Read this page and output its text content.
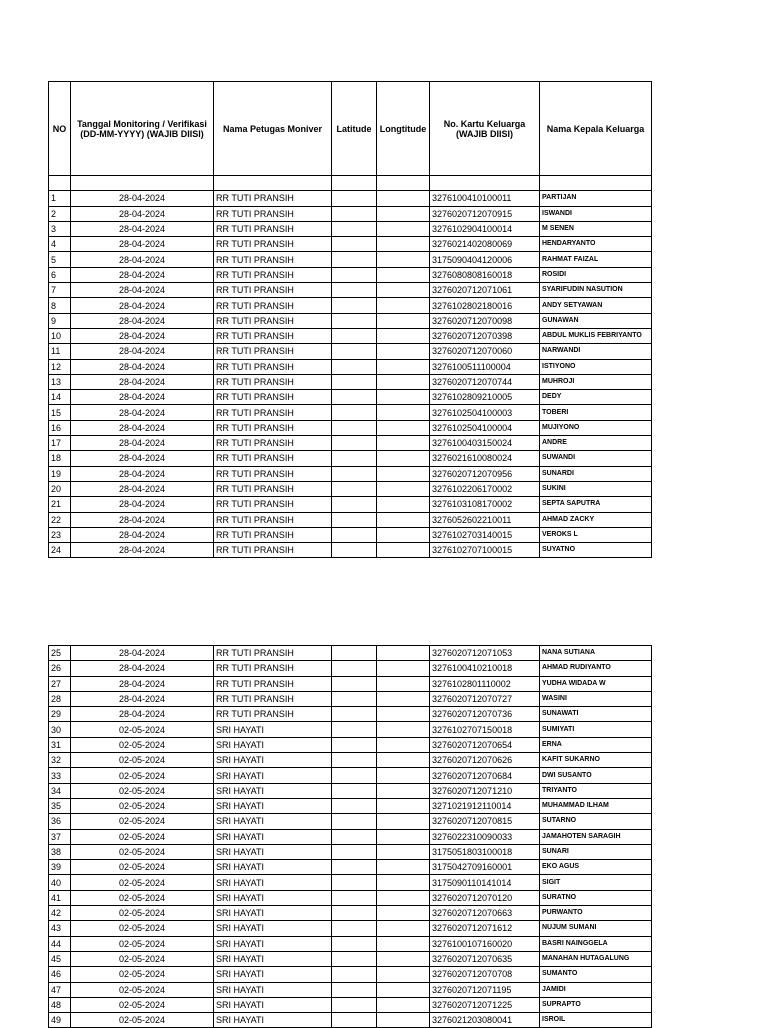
NO	Tanggal Monitoring / Verifikasi (DD-MM-YYYY) (WAJIB DIISI)	Nama Petugas Moniver	Latitude	Longtitude	No. Kartu Keluarga (WAJIB DIISI)	Nama Kepala Keluarga

1	28-04-2024	RR TUTI PRANSIH			3276100410100011	PARTIJAN
2	28-04-2024	RR TUTI PRANSIH			3276020712070915	ISWANDI
3	28-04-2024	RR TUTI PRANSIH			3276102904100014	M SENEN
4	28-04-2024	RR TUTI PRANSIH			3276021402080069	HENDARYANTO
5	28-04-2024	RR TUTI PRANSIH			3175090404120006	RAHMAT FAIZAL
6	28-04-2024	RR TUTI PRANSIH			3276080808160018	ROSIDI
7	28-04-2024	RR TUTI PRANSIH			3276020712071061	SYARIFUDIN NASUTION
8	28-04-2024	RR TUTI PRANSIH			3276102802180016	ANDY SETYAWAN
9	28-04-2024	RR TUTI PRANSIH			3276020712070098	GUNAWAN
10	28-04-2024	RR TUTI PRANSIH			3276020712070398	ABDUL MUKLIS FEBRIYANTO
11	28-04-2024	RR TUTI PRANSIH			3276020712070060	NARWANDI
12	28-04-2024	RR TUTI PRANSIH			3276100511100004	ISTIYONO
13	28-04-2024	RR TUTI PRANSIH			3276020712070744	MUHROJI
14	28-04-2024	RR TUTI PRANSIH			3276102809210005	DEDY
15	28-04-2024	RR TUTI PRANSIH			3276102504100003	TOBERI
16	28-04-2024	RR TUTI PRANSIH			3276102504100004	MUJIYONO
17	28-04-2024	RR TUTI PRANSIH			3276100403150024	ANDRE
18	28-04-2024	RR TUTI PRANSIH			3276021610080024	SUWANDI
19	28-04-2024	RR TUTI PRANSIH			3276020712070956	SUNARDI
20	28-04-2024	RR TUTI PRANSIH			3276102206170002	SUKINI
21	28-04-2024	RR TUTI PRANSIH			3276103108170002	SEPTA SAPUTRA
22	28-04-2024	RR TUTI PRANSIH			3276052602210011	AHMAD ZACKY
23	28-04-2024	RR TUTI PRANSIH			3276102703140015	VEROKS L
24	28-04-2024	RR TUTI PRANSIH			3276102707100015	SUYATNO
25	28-04-2024	RR TUTI PRANSIH			3276020712071053	NANA SUTIANA
26	28-04-2024	RR TUTI PRANSIH			3276100410210018	AHMAD RUDIYANTO
27	28-04-2024	RR TUTI PRANSIH			3276102801110002	YUDHA WIDADA W
28	28-04-2024	RR TUTI PRANSIH			3276020712070727	WASINI
29	28-04-2024	RR TUTI PRANSIH			3276020712070736	SUNAWATI
30	02-05-2024	SRI HAYATI			3276102707150018	SUMIYATI
31	02-05-2024	SRI HAYATI			3276020712070654	ERNA
32	02-05-2024	SRI HAYATI			3276020712070626	KAFIT SUKARNO
33	02-05-2024	SRI HAYATI			3276020712070684	DWI SUSANTO
34	02-05-2024	SRI HAYATI			3276020712071210	TRIYANTO
35	02-05-2024	SRI HAYATI			3271021912110014	MUHAMMAD ILHAM
36	02-05-2024	SRI HAYATI			3276020712070815	SUTARNO
37	02-05-2024	SRI HAYATI			3276022310090033	JAMAHOTEN SARAGIH
38	02-05-2024	SRI HAYATI			3175051803100018	SUNARI
39	02-05-2024	SRI HAYATI			3175042709160001	EKO AGUS
40	02-05-2024	SRI HAYATI			3175090110141014	SIGIT
41	02-05-2024	SRI HAYATI			3276020712070120	SURATNO
42	02-05-2024	SRI HAYATI			3276020712070663	PURWANTO
43	02-05-2024	SRI HAYATI			3276020712071612	NUJUM SUMANI
44	02-05-2024	SRI HAYATI			3276100107160020	BASRI NAINGGELA
45	02-05-2024	SRI HAYATI			3276020712070635	MANAHAN HUTAGALUNG
46	02-05-2024	SRI HAYATI			3276020712070708	SUMANTO
47	02-05-2024	SRI HAYATI			3276020712071195	JAMIDI
48	02-05-2024	SRI HAYATI			3276020712071225	SUPRAPTO
49	02-05-2024	SRI HAYATI			3276021203080041	ISROIL
